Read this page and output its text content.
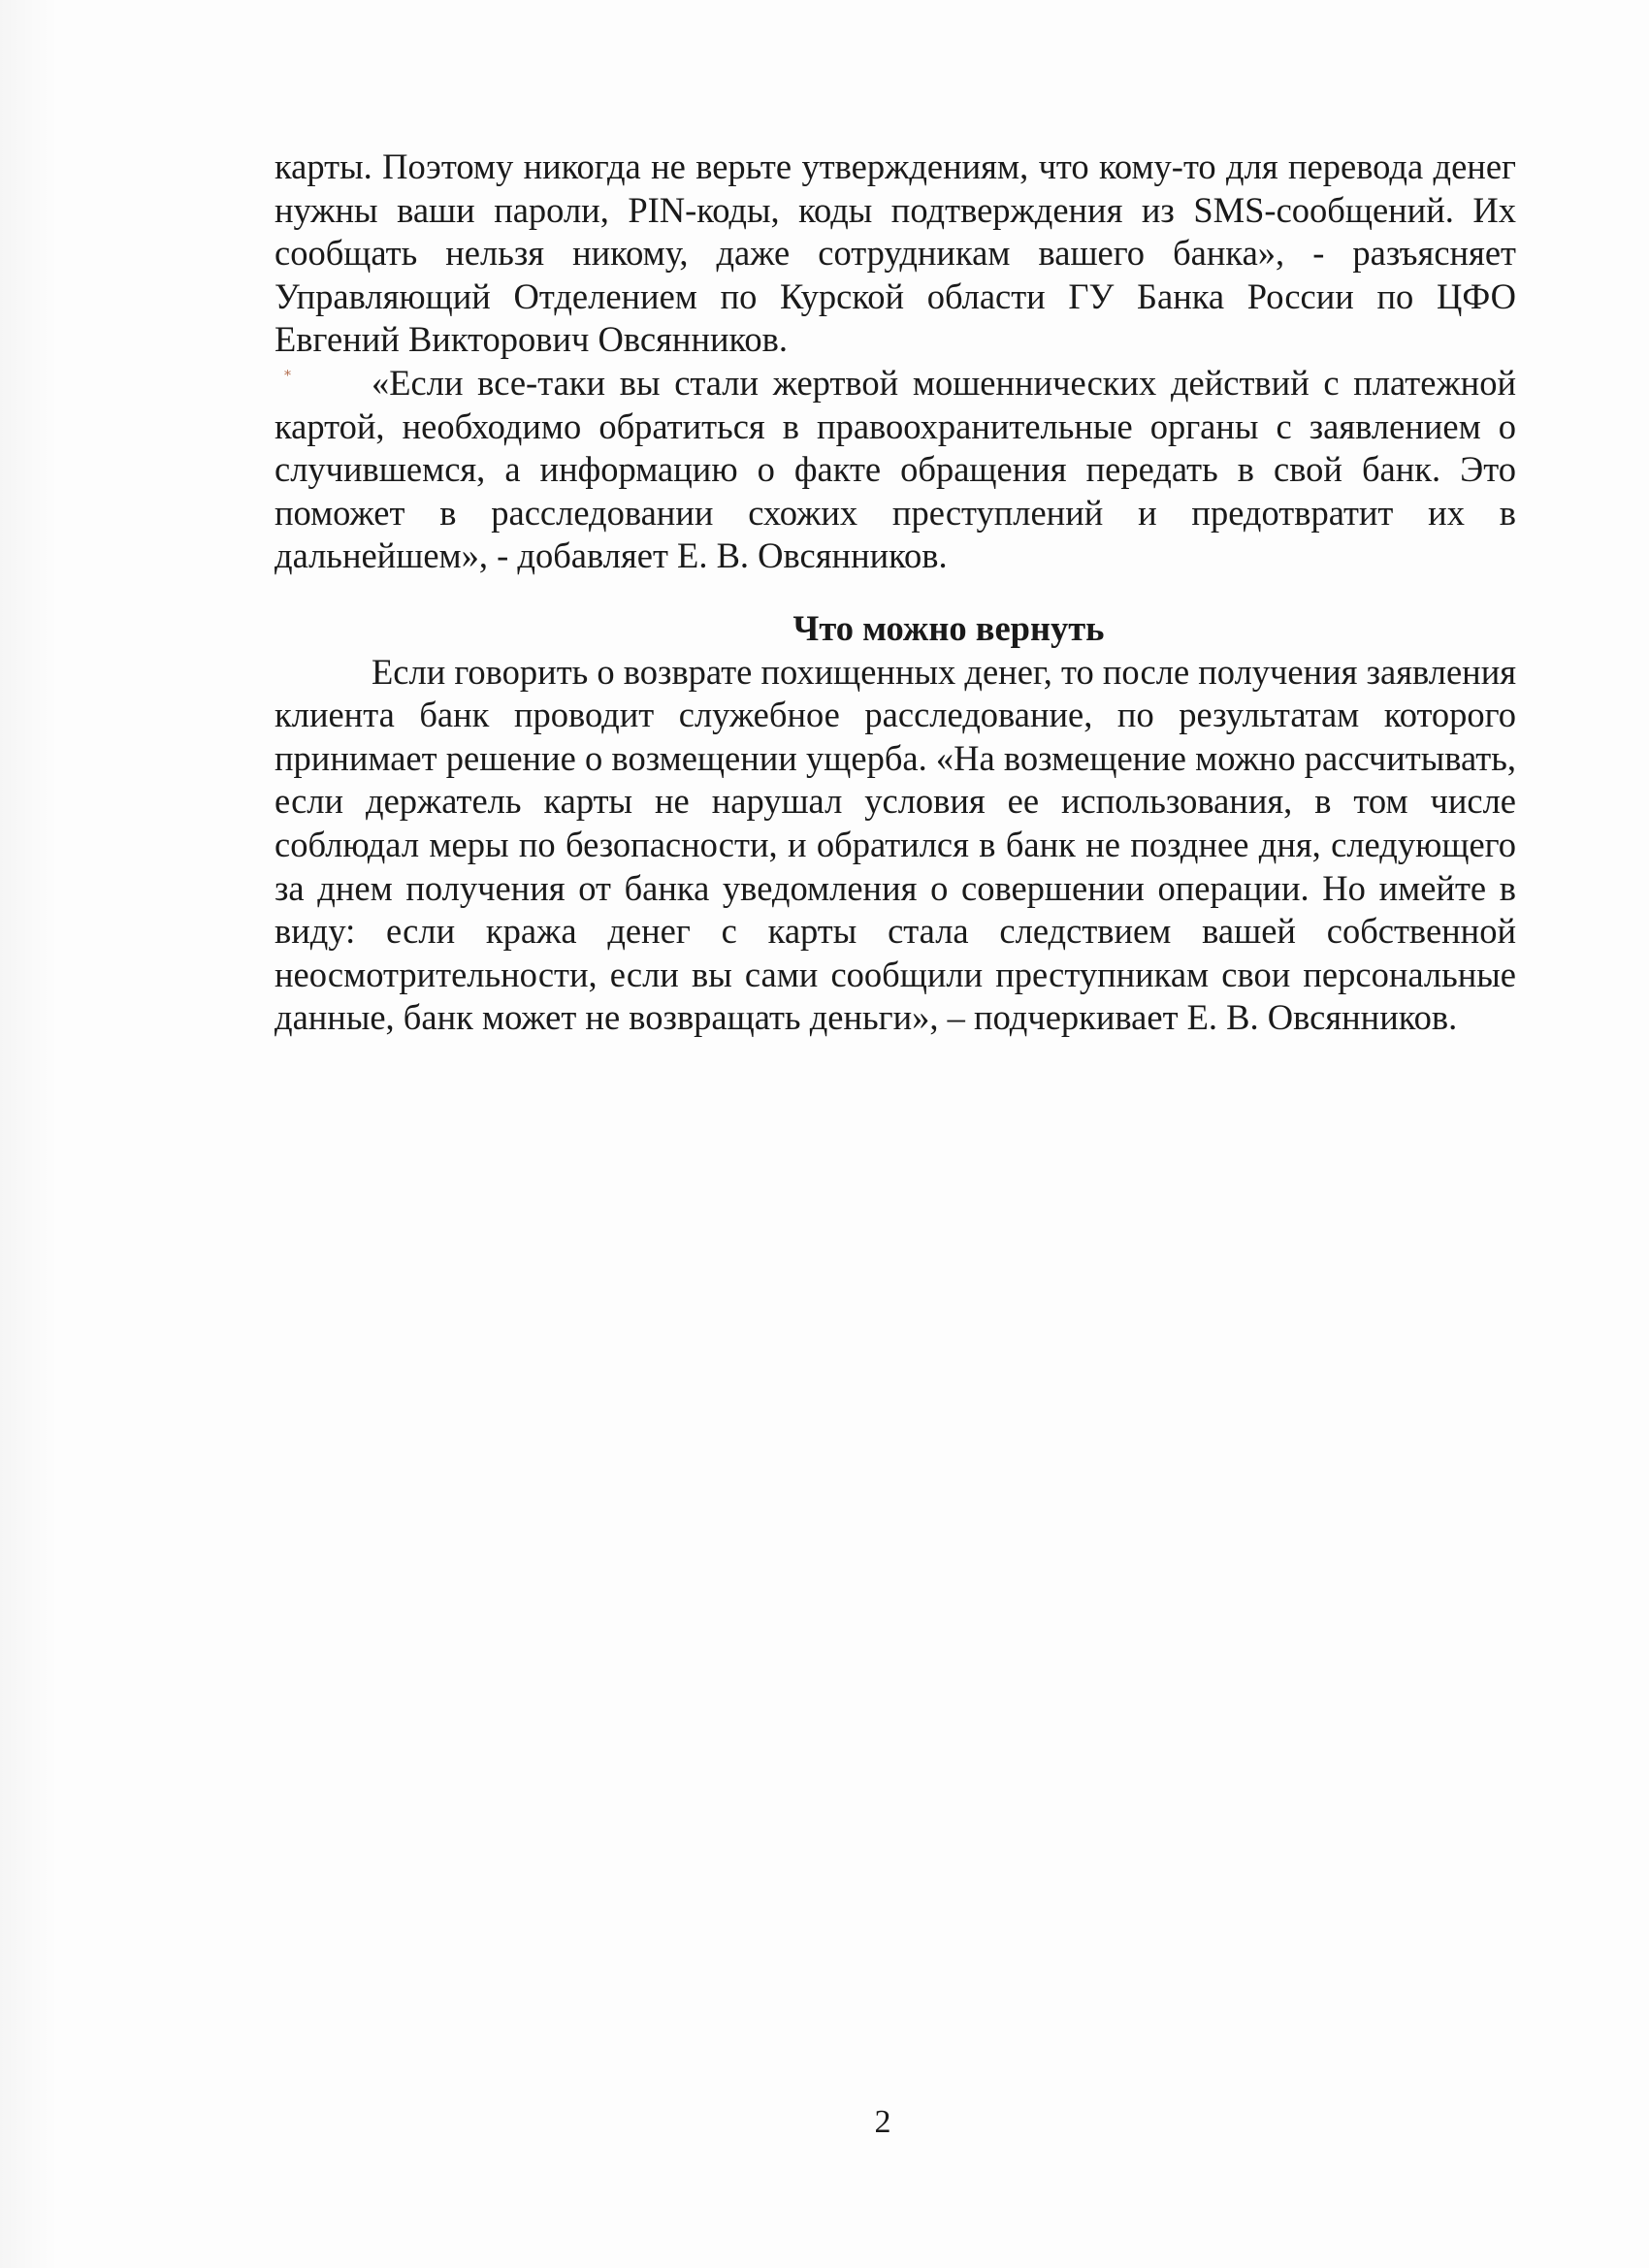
карты. Поэтому никогда не верьте утверждениям, что кому-то для перевода денег нужны ваши пароли, PIN-коды, коды подтверждения из SMS-сообщений. Их сообщать нельзя никому, даже сотрудникам вашего банка», - разъясняет Управляющий Отделением по Курской области ГУ Банка России по ЦФО Евгений Викторович Овсянников.

«Если все-таки вы стали жертвой мошеннических действий с платежной картой, необходимо обратиться в правоохранительные органы с заявлением о случившемся, а информацию о факте обращения передать в свой банк. Это поможет в расследовании схожих преступлений и предотвратит их в дальнейшем», - добавляет Е. В. Овсянников.

Что можно вернуть

Если говорить о возврате похищенных денег, то после получения заявления клиента банк проводит служебное расследование, по результатам которого принимает решение о возмещении ущерба. «На возмещение можно рассчитывать, если держатель карты не нарушал условия ее использования, в том числе соблюдал меры по безопасности, и обратился в банк не позднее дня, следующего за днем получения от банка уведомления о совершении операции. Но имейте в виду: если кража денег с карты стала следствием вашей собственной неосмотрительности, если вы сами сообщили преступникам свои персональные данные, банк может не возвращать деньги», – подчеркивает Е. В. Овсянников.

⁎
2
